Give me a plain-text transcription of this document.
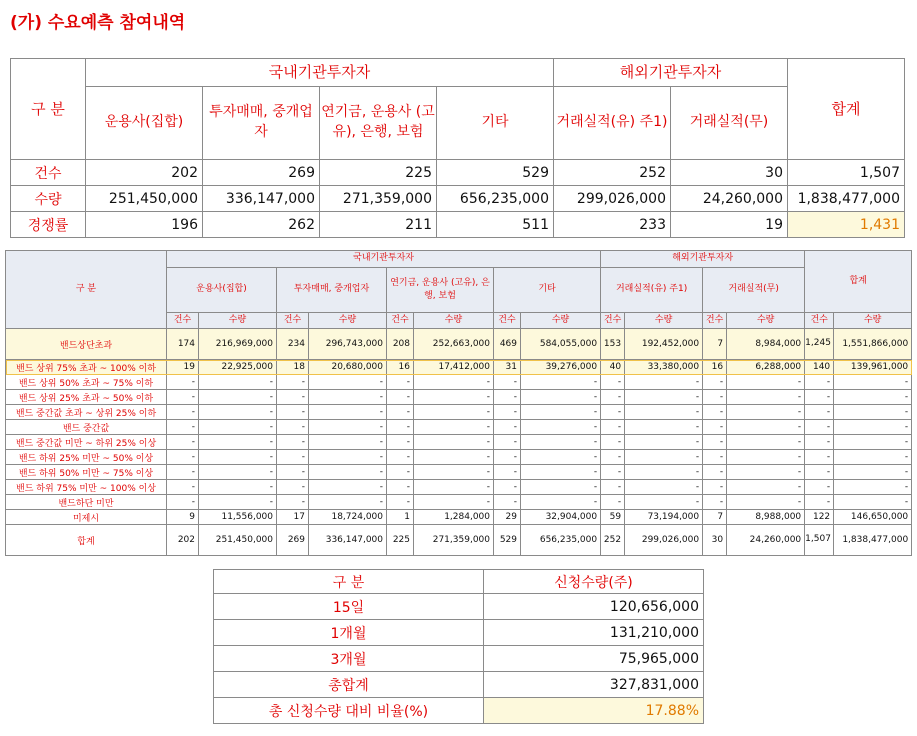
(가) 수요예측 참여내역
구 분	국내기관투자자				해외기관투자자		합계
	운용사(집합)	투자매매, 중개업자	연기금, 운용사 (고유), 은행, 보험	기타	거래실적(유) 주1)	거래실적(무)	
건수	202	269	225	529	252	30	1,507
수량	251,450,000	336,147,000	271,359,000	656,235,000	299,026,000	24,260,000	1,838,477,000
경쟁률	196	262	211	511	233	19	1,431
구 분	국내기관투자자								해외기관투자자				합계	
	운용사(집합)		투자매매, 중개업자		연기금, 운용사 (고유), 은행, 보험		기타		거래실적(유) 주1)		거래실적(무)			
	건수	수량	건수	수량	건수	수량	건수	수량	건수	수량	건수	수량	건수	수량
밴드상단초과	174	216,969,000	234	296,743,000	208	252,663,000	469	584,055,000	153	192,452,000	7	8,984,000	1,245	1,551,866,000
밴드 상위 75% 초과 ~ 100% 이하	19	22,925,000	18	20,680,000	16	17,412,000	31	39,276,000	40	33,380,000	16	6,288,000	140	139,961,000
밴드 상위 50% 초과 ~ 75% 이하	-	-	-	-	-	-	-	-	-	-	-	-	-	-
밴드 상위 25% 초과 ~ 50% 이하	-	-	-	-	-	-	-	-	-	-	-	-	-	-
밴드 중간값 초과 ~ 상위 25% 이하	-	-	-	-	-	-	-	-	-	-	-	-	-	-
밴드 중간값	-	-	-	-	-	-	-	-	-	-	-	-	-	-
밴드 중간값 미만 ~ 하위 25% 이상	-	-	-	-	-	-	-	-	-	-	-	-	-	-
밴드 하위 25% 미만 ~ 50% 이상	-	-	-	-	-	-	-	-	-	-	-	-	-	-
밴드 하위 50% 미만 ~ 75% 이상	-	-	-	-	-	-	-	-	-	-	-	-	-	-
밴드 하위 75% 미만 ~ 100% 이상	-	-	-	-	-	-	-	-	-	-	-	-	-	-
밴드하단 미만	-	-	-	-	-	-	-	-	-	-	-	-	-	-
미제시	9	11,556,000	17	18,724,000	1	1,284,000	29	32,904,000	59	73,194,000	7	8,988,000	122	146,650,000
합계	202	251,450,000	269	336,147,000	225	271,359,000	529	656,235,000	252	299,026,000	30	24,260,000	1,507	1,838,477,000
구 분	신청수량(주)
15일	120,656,000
1개월	131,210,000
3개월	75,965,000
총합계	327,831,000
총 신청수량 대비 비율(%)	17.88%
